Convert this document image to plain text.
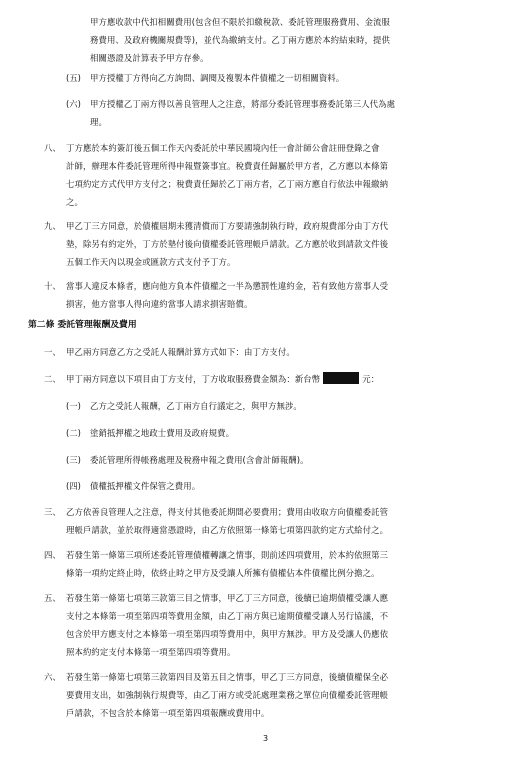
甲方應收款中代扣相關費用(包含但不限於扣繳稅款、委託管理服務費用、金流服
務費用、及政府機關規費等)，並代為繳納支付。乙丁兩方應於本約結束時，提供
相關憑證及計算表予甲方存參。
(五) 甲方授權丁方得向乙方詢問、調閱及複製本件債權之一切相關資料。
(六) 甲方授權乙丁兩方得以善良管理人之注意，將部分委託管理事務委託第三人代為處
理。
八、 丁方應於本約簽訂後五個工作天內委託於中華民國境內任一會計師公會註冊登錄之會
計師，辦理本件委託管理所得申報暨簽事宜。稅費責任歸屬於甲方者，乙方應以本條第
七項約定方式代甲方支付之；稅費責任歸於乙丁兩方者，乙丁兩方應自行依法申報繳納
之。
九、 甲乙丁三方同意，於債權屆期未獲清償而丁方要請強制執行時，政府規費部分由丁方代
墊，除另有約定外，丁方於墊付後向債權委託管理帳戶請款。乙方應於收到請款文件後
五個工作天內以現金或匯款方式支付予丁方。
十、 當事人違反本條者，應向他方負本件債權之一半為懲罰性違約金，若有致他方當事人受
損害，他方當事人得向違約當事人請求損害賠償。
第二條 委託管理報酬及費用
一、 甲乙兩方同意乙方之受託人報酬計算方式如下：由丁方支付。
二、 甲丁兩方同意以下項目由丁方支付，丁方收取服務費金額為：新台幣	元：
(一) 乙方之受託人報酬，乙丁兩方自行議定之，與甲方無涉。
(二) 塗銷抵押權之地政士費用及政府規費。
(三) 委託管理所得帳務處理及稅務申報之費用(含會計師報酬)。
(四) 債權抵押權文件保管之費用。
三、 乙方依善良管理人之注意，得支付其他委託期間必要費用；費用由收取方向債權委託管
理帳戶請款，並於取得適當憑證時，由乙方依照第一條第七項第四款約定方式給付之。
四、 若發生第一條第三項所述委託管理債權轉讓之情事，則前述四項費用，於本約依照第三
條第一項約定終止時，依終止時之甲方及受讓人所擁有債權佔本件債權比例分擔之。
五、 若發生第一條第七項第三款第三目之情事，甲乙丁三方同意，後續已逾期債權受讓人應
支付之本條第一項至第四項等費用金額，由乙丁兩方與已逾期債權受讓人另行協議，不
包含於甲方應支付之本條第一項至第四項等費用中，與甲方無涉。甲方及受讓人仍應依
照本約約定支付本條第一項至第四項等費用。
六、 若發生第一條第七項第三款第四目及第五目之情事，甲乙丁三方同意，後續債權保全必
要費用支出，如強制執行規費等，由乙丁兩方或受託處理業務之單位向債權委託管理帳
戶請款，不包含於本條第一項至第四項報酬或費用中。
3
